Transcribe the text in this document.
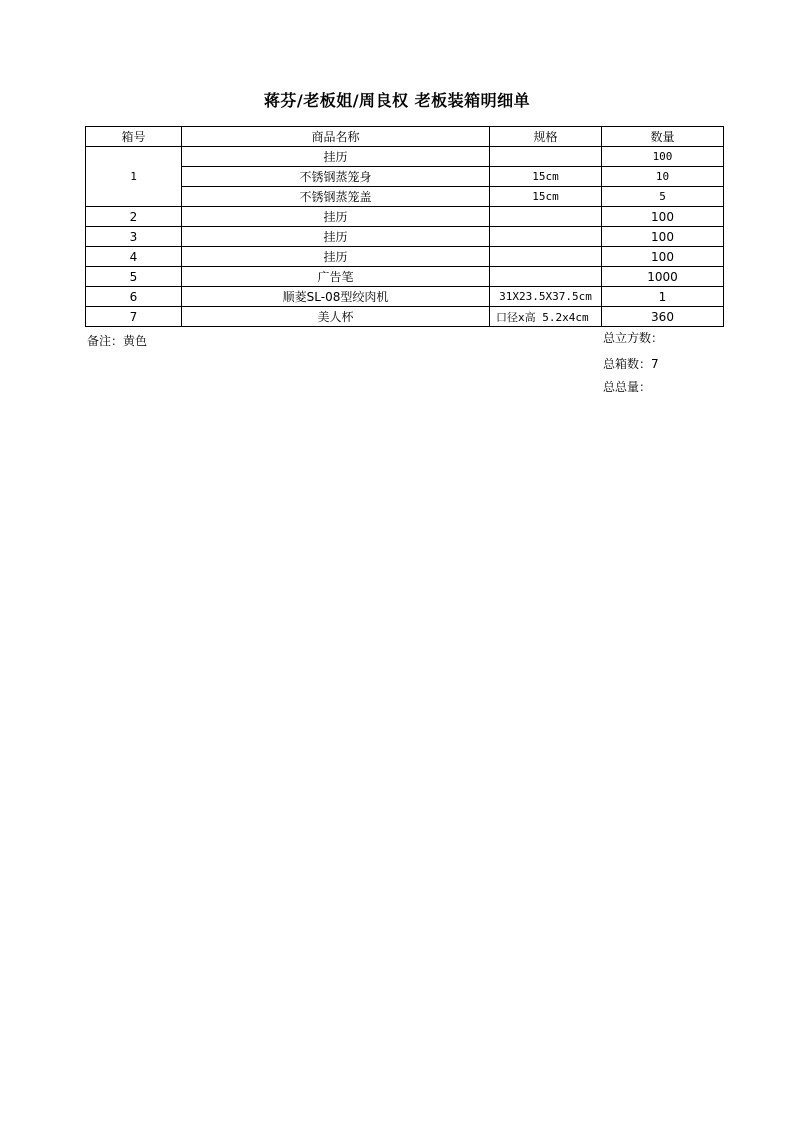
蒋芬/老板姐/周良权 老板装箱明细单
箱号	商品名称	规格	数量
1	挂历		100
	不锈钢蒸笼身	15cm	10
	不锈钢蒸笼盖	15cm	5
2	挂历		100
3	挂历		100
4	挂历		100
5	广告笔		1000
6	顺菱SL-08型绞肉机	31X23.5X37.5cm	1
7	美人杯	口径x高 5.2x4cm	360
备注：黄色	总立方数：
总箱数：7
总总量：
